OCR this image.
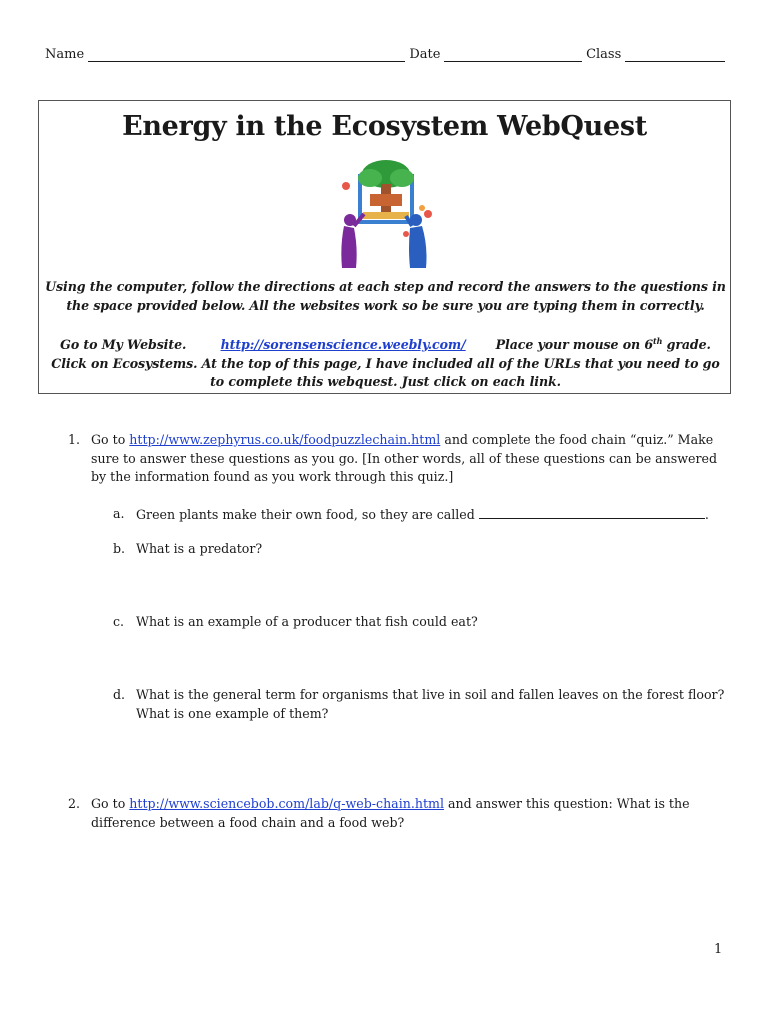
Name	Date	Class
Energy in the Ecosystem WebQuest
Using the computer, follow the directions at each step and record the answers to the questions in the space provided below. All the websites work so be sure you are typing them in correctly.
Go to My Website.	http://sorensenscience.weebly.com/ Place your mouse on 6th grade. Click on Ecosystems. At the top of this page, I have included all of the URLs that you need to go to complete this webquest. Just click on each link.
1. Go to http://www.zephyrus.co.uk/foodpuzzlechain.html and complete the food chain “quiz.” Make sure to answer these questions as you go. [In other words, all of these questions can be answered by the information found as you work through this quiz.]
a. Green plants make their own food, so they are called	.
b. What is a predator?
c. What is an example of a producer that fish could eat?
d. What is the general term for organisms that live in soil and fallen leaves on the forest floor? What is one example of them?
2. Go to http://www.sciencebob.com/lab/q-web-chain.html and answer this question: What is the difference between a food chain and a food web?
1
